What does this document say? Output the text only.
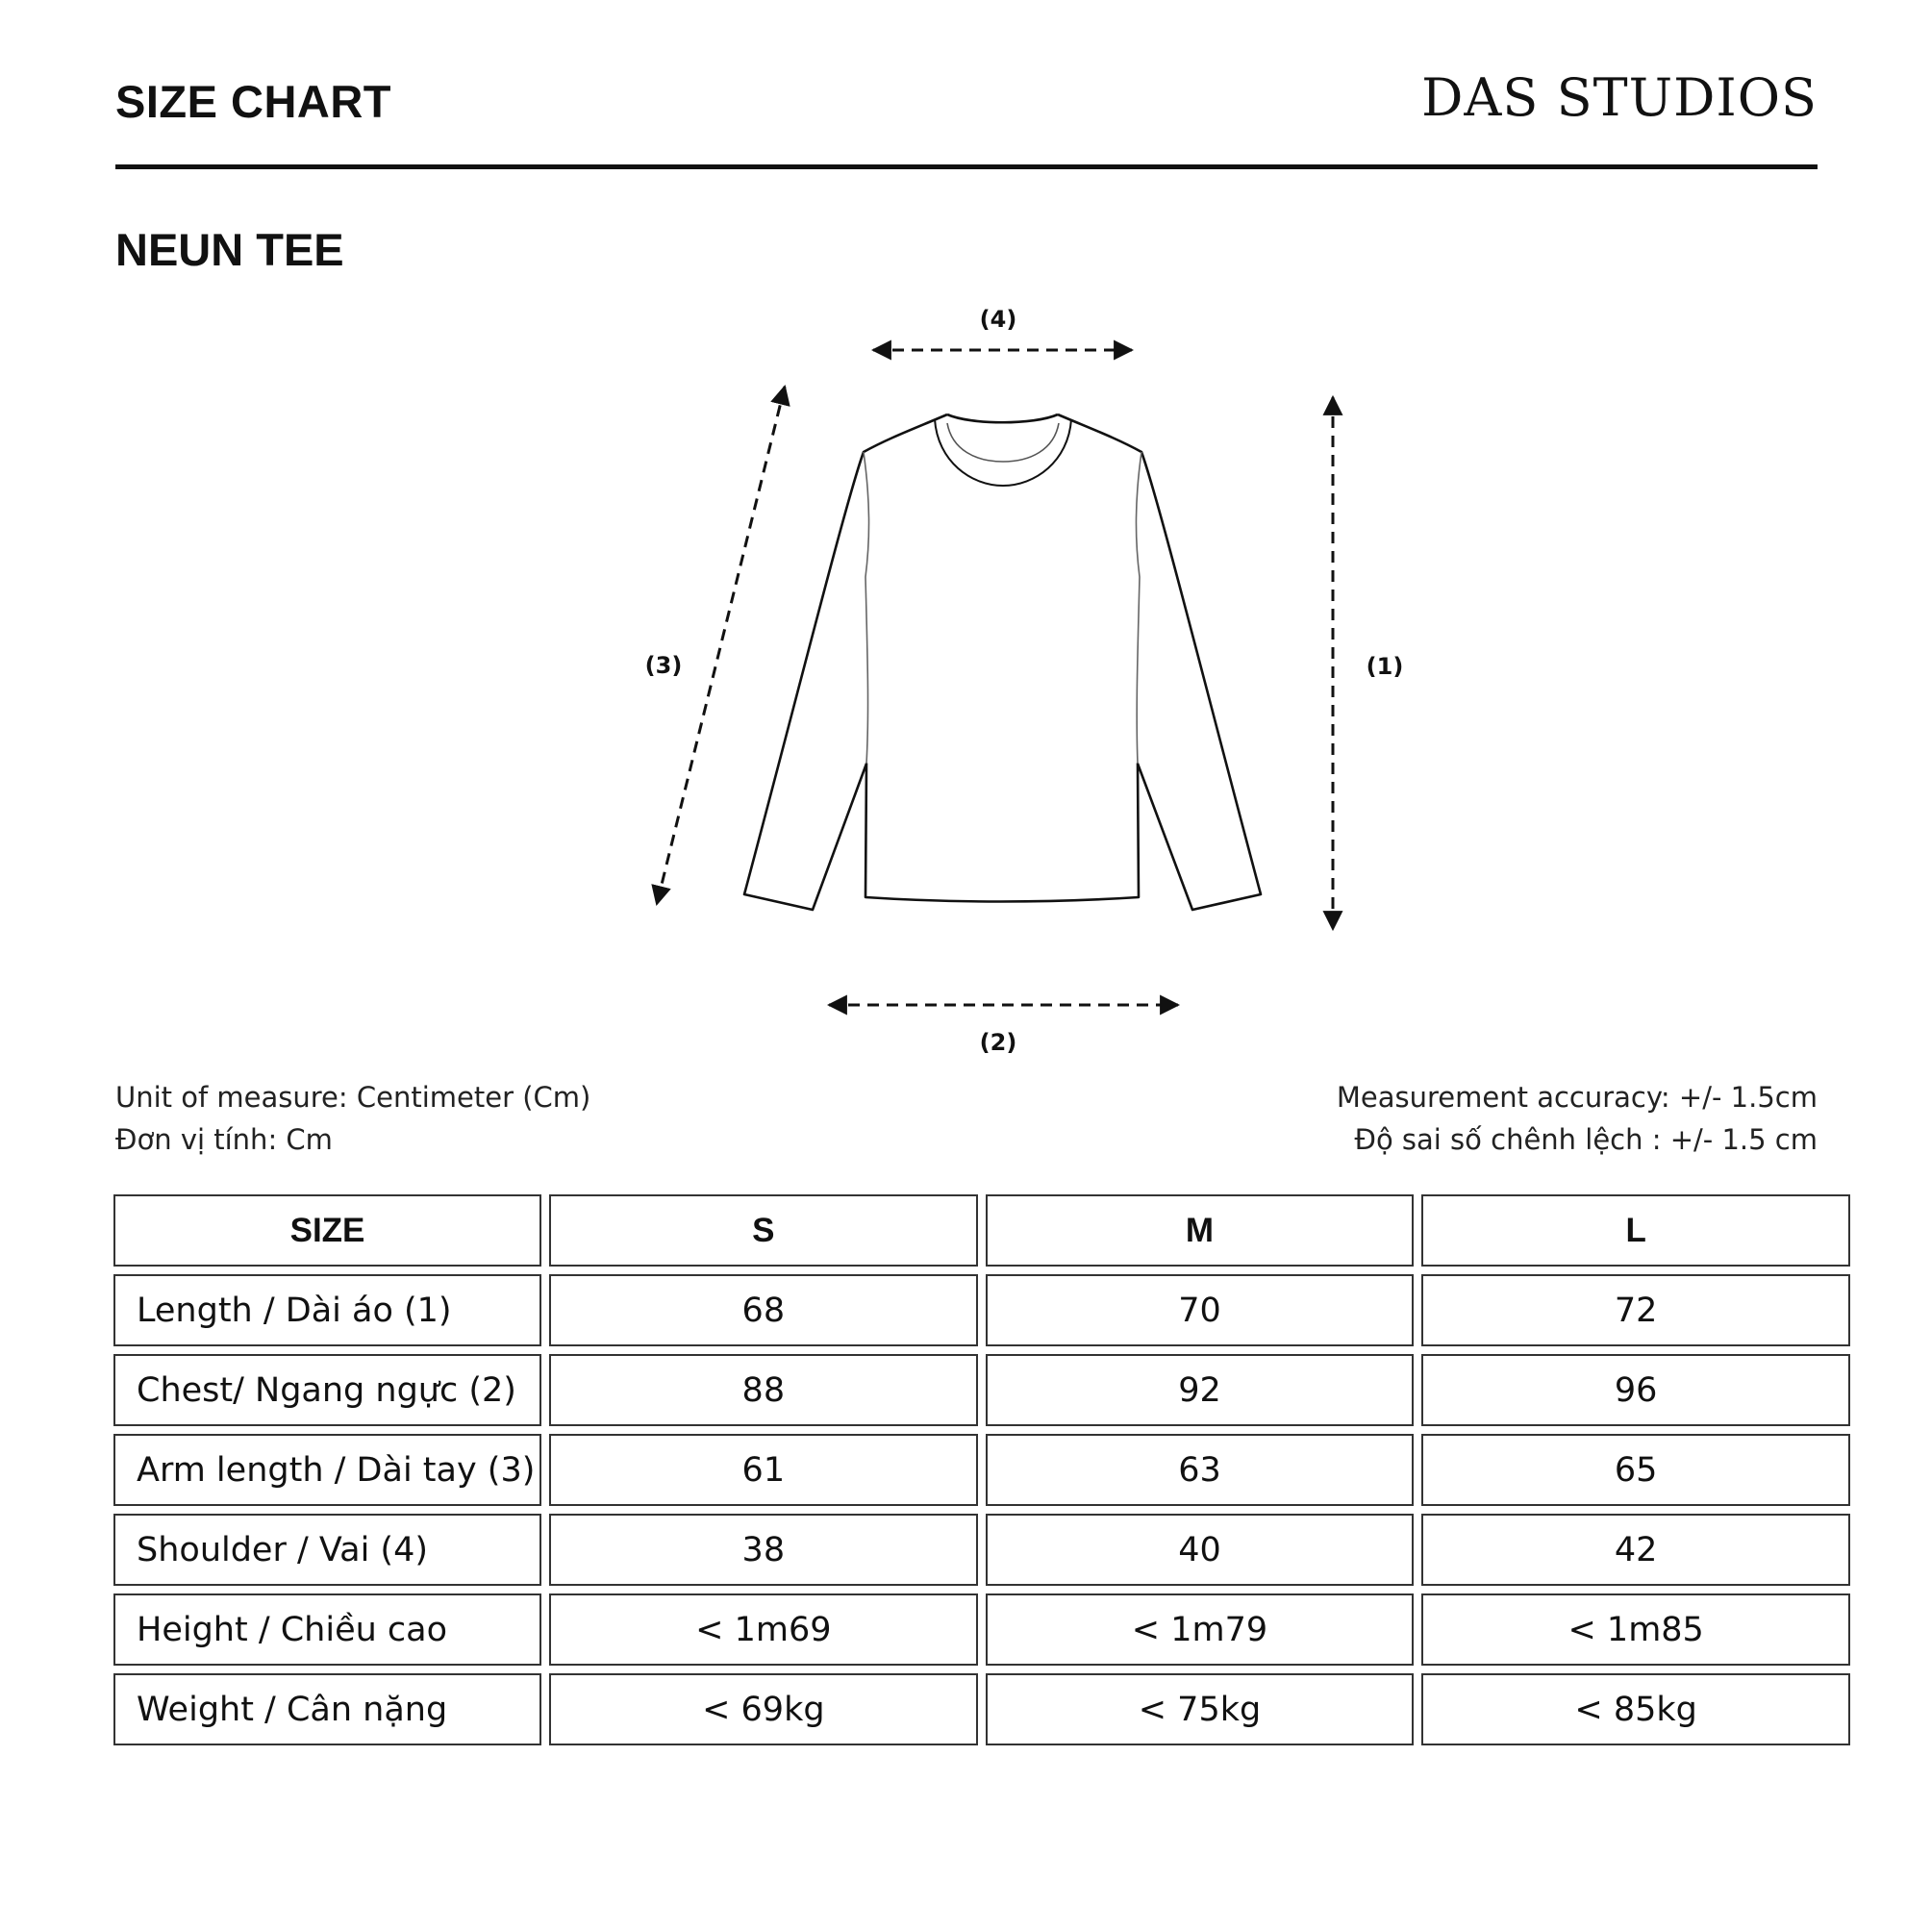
SIZE CHART	DAS STUDIOS
NEUN TEE
(4)
(2)
(1)
(3)
Unit of measure: Centimeter (Cm)
Đơn vị tính: Cm
Measurement accuracy: +/- 1.5cm
Độ sai số chênh lệch : +/- 1.5 cm
SIZE	S	M	L
Length / Dài áo (1)	68	70	72
Chest/ Ngang ngực (2)	88	92	96
Arm length / Dài tay (3)	61	63	65
Shoulder / Vai (4)	38	40	42
Height / Chiều cao	< 1m69	< 1m79	< 1m85
Weight / Cân nặng	< 69kg	< 75kg	< 85kg
